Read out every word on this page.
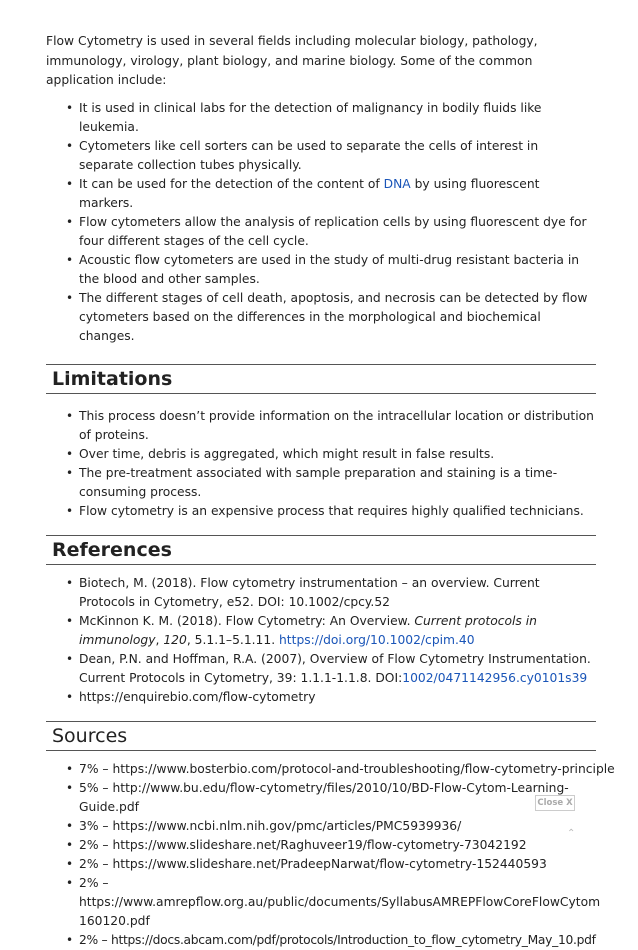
Flow Cytometry is used in several fields including molecular biology, pathology, immunology, virology, plant biology, and marine biology. Some of the common application include:

• It is used in clinical labs for the detection of malignancy in bodily fluids like leukemia.
• Cytometers like cell sorters can be used to separate the cells of interest in separate collection tubes physically.
• It can be used for the detection of the content of DNA by using fluorescent markers.
• Flow cytometers allow the analysis of replication cells by using fluorescent dye for four different stages of the cell cycle.
• Acoustic flow cytometers are used in the study of multi-drug resistant bacteria in the blood and other samples.
• The different stages of cell death, apoptosis, and necrosis can be detected by flow cytometers based on the differences in the morphological and biochemical changes.
Limitations
• This process doesn’t provide information on the intracellular location or distribution of proteins.
• Over time, debris is aggregated, which might result in false results.
• The pre-treatment associated with sample preparation and staining is a time-consuming process.
• Flow cytometry is an expensive process that requires highly qualified technicians.
References
• Biotech, M. (2018). Flow cytometry instrumentation – an overview. Current Protocols in Cytometry, e52. DOI: 10.1002/cpcy.52
• McKinnon K. M. (2018). Flow Cytometry: An Overview. Current protocols in immunology, 120, 5.1.1–5.1.11. https://doi.org/10.1002/cpim.40
• Dean, P.N. and Hoffman, R.A. (2007), Overview of Flow Cytometry Instrumentation. Current Protocols in Cytometry, 39: 1.1.1-1.1.8. DOI:1002/0471142956.cy0101s39
• https://enquirebio.com/flow-cytometry
Sources
• 7% – https://www.bosterbio.com/protocol-and-troubleshooting/flow-cytometry-principle
• 5% – http://www.bu.edu/flow-cytometry/files/2010/10/BD-Flow-Cytom-Learning-Guide.pdf
• 3% – https://www.ncbi.nlm.nih.gov/pmc/articles/PMC5939936/
• 2% – https://www.slideshare.net/Raghuveer19/flow-cytometry-73042192
• 2% – https://www.slideshare.net/PradeepNarwat/flow-cytometry-152440593
• 2% –
https://www.amrepflow.org.au/public/documents/SyllabusAMREPFlowCoreFlowCytom
160120.pdf
• 2% – https://docs.abcam.com/pdf/protocols/Introduction_to_flow_cytometry_May_10.pdf
Close X
⌃
